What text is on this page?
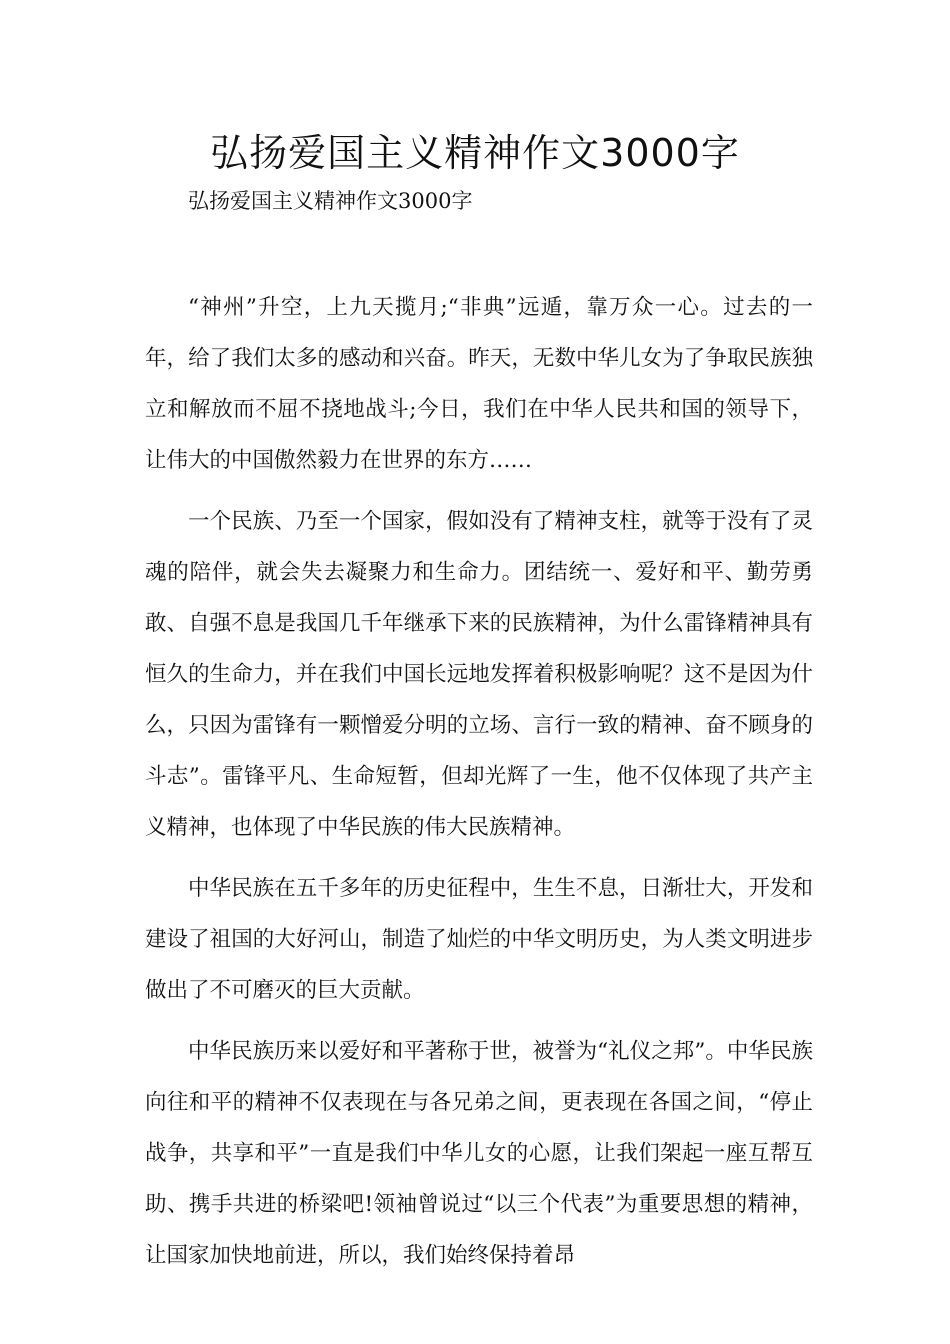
弘扬爱国主义精神作文3000字

弘扬爱国主义精神作文3000字

“神州”升空，上九天揽月;“非典”远遁，靠万众一心。过去的一年，给了我们太多的感动和兴奋。昨天，无数中华儿女为了争取民族独立和解放而不屈不挠地战斗;今日，我们在中华人民共和国的领导下，让伟大的中国傲然毅力在世界的东方……

一个民族、乃至一个国家，假如没有了精神支柱，就等于没有了灵魂的陪伴，就会失去凝聚力和生命力。团结统一、爱好和平、勤劳勇敢、自强不息是我国几千年继承下来的民族精神，为什么雷锋精神具有恒久的生命力，并在我们中国长远地发挥着积极影响呢？这不是因为什么，只因为雷锋有一颗憎爱分明的立场、言行一致的精神、奋不顾身的斗志”。雷锋平凡、生命短暂，但却光辉了一生，他不仅体现了共产主义精神，也体现了中华民族的伟大民族精神。

中华民族在五千多年的历史征程中，生生不息，日渐壮大，开发和建设了祖国的大好河山，制造了灿烂的中华文明历史，为人类文明进步做出了不可磨灭的巨大贡献。

中华民族历来以爱好和平著称于世，被誉为“礼仪之邦”。中华民族向往和平的精神不仅表现在与各兄弟之间，更表现在各国之间，“停止战争，共享和平”一直是我们中华儿女的心愿，让我们架起一座互帮互助、携手共进的桥梁吧!领袖曾说过“以三个代表”为重要思想的精神，让国家加快地前进，所以，我们始终保持着昂
